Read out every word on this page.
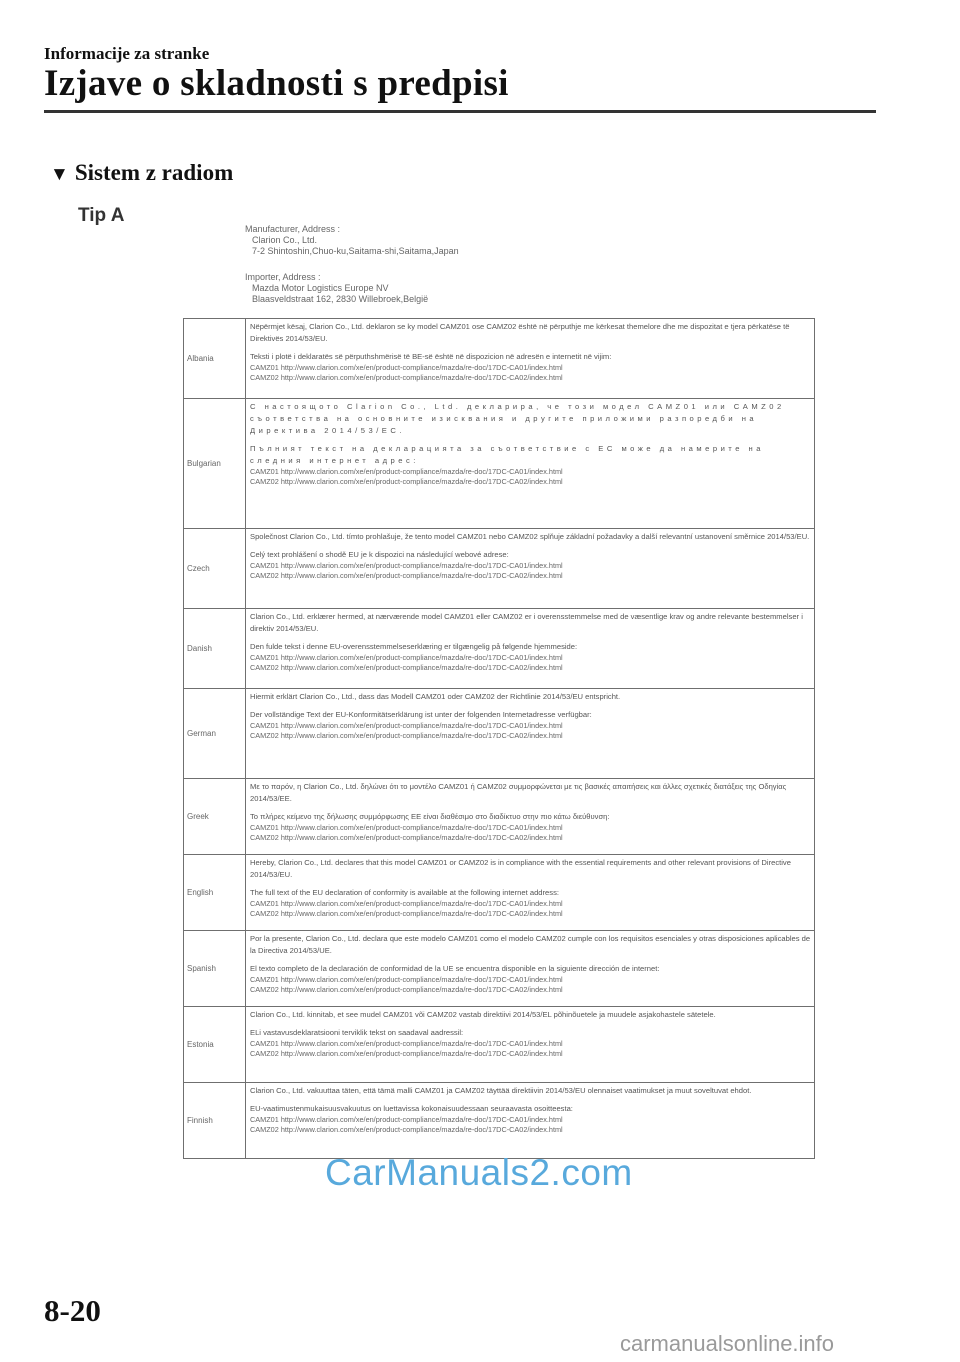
Informacije za stranke
Izjave o skladnosti s predpisi
▼ Sistem z radiom
Tip A
Manufacturer, Address :
Clarion Co., Ltd.
7-2 Shintoshin,Chuo-ku,Saitama-shi,Saitama,Japan
Importer, Address :
Mazda Motor Logistics Europe NV
Blaasveldstraat 162, 2830 Willebroek,België
Albania	Nëpërmjet kësaj, Clarion Co., Ltd. deklaron se ky model CAMZ01 ose CAMZ02 është në përputhje me kërkesat themelore dhe me dispozitat e tjera përkatëse të Direktivës 2014/53/EU.

Teksti i plotë i deklaratës së përputhshmërisë të BE-së është në dispozicion në adresën e internetit në vijim:

CAMZ01 http://www.clarion.com/xe/en/product-compliance/mazda/re-doc/17DC-CA01/index.html

CAMZ02 http://www.clarion.com/xe/en/product-compliance/mazda/re-doc/17DC-CA02/index.html

Bulgarian	С настоящото Clarion Co., Ltd. декларира, че този модел CAMZ01 или CAMZ02 съответства на основните изисквания и другите приложими разпоредби на Директива 2014/53/ЕС.

Пълният текст на декларацията за съответствие с ЕС може да намерите на следния интернет адрес:

CAMZ01 http://www.clarion.com/xe/en/product-compliance/mazda/re-doc/17DC-CA01/index.html

CAMZ02 http://www.clarion.com/xe/en/product-compliance/mazda/re-doc/17DC-CA02/index.html

Czech	Společnost Clarion Co., Ltd. tímto prohlašuje, že tento model CAMZ01 nebo CAMZ02 splňuje základní požadavky a další relevantní ustanovení směrnice 2014/53/EU.

Celý text prohlášení o shodě EU je k dispozici na následující webové adrese:

CAMZ01 http://www.clarion.com/xe/en/product-compliance/mazda/re-doc/17DC-CA01/index.html

CAMZ02 http://www.clarion.com/xe/en/product-compliance/mazda/re-doc/17DC-CA02/index.html

Danish	Clarion Co., Ltd. erklærer hermed, at nærværende model CAMZ01 eller CAMZ02 er i overensstemmelse med de væsentlige krav og andre relevante bestemmelser i direktiv 2014/53/EU.

Den fulde tekst i denne EU-overensstemmelseserklæring er tilgængelig på følgende hjemmeside:

CAMZ01 http://www.clarion.com/xe/en/product-compliance/mazda/re-doc/17DC-CA01/index.html

CAMZ02 http://www.clarion.com/xe/en/product-compliance/mazda/re-doc/17DC-CA02/index.html

German	Hiermit erklärt Clarion Co., Ltd., dass das Modell CAMZ01 oder CAMZ02 der Richtlinie 2014/53/EU entspricht.

Der vollständige Text der EU-Konformitätserklärung ist unter der folgenden Internetadresse verfügbar:

CAMZ01 http://www.clarion.com/xe/en/product-compliance/mazda/re-doc/17DC-CA01/index.html

CAMZ02 http://www.clarion.com/xe/en/product-compliance/mazda/re-doc/17DC-CA02/index.html

Greek	Με το παρόν, η Clarion Co., Ltd. δηλώνει ότι το μοντέλο CAMZ01 ή CAMZ02 συμμορφώνεται με τις βασικές απαιτήσεις και άλλες σχετικές διατάξεις της Οδηγίας 2014/53/ΕΕ.

Το πλήρες κείμενο της δήλωσης συμμόρφωσης ΕΕ είναι διαθέσιμο στο διαδίκτυο στην πιο κάτω διεύθυνση:

CAMZ01 http://www.clarion.com/xe/en/product-compliance/mazda/re-doc/17DC-CA01/index.html

CAMZ02 http://www.clarion.com/xe/en/product-compliance/mazda/re-doc/17DC-CA02/index.html

English	Hereby, Clarion Co., Ltd. declares that this model CAMZ01 or CAMZ02 is in compliance with the essential requirements and other relevant provisions of Directive 2014/53/EU.

The full text of the EU declaration of conformity is available at the following internet address:

CAMZ01 http://www.clarion.com/xe/en/product-compliance/mazda/re-doc/17DC-CA01/index.html

CAMZ02 http://www.clarion.com/xe/en/product-compliance/mazda/re-doc/17DC-CA02/index.html

Spanish	Por la presente, Clarion Co., Ltd. declara que este modelo CAMZ01 como el modelo CAMZ02 cumple con los requisitos esenciales y otras disposiciones aplicables de la Directiva 2014/53/UE.

El texto completo de la declaración de conformidad de la UE se encuentra disponible en la siguiente dirección de internet:

CAMZ01 http://www.clarion.com/xe/en/product-compliance/mazda/re-doc/17DC-CA01/index.html

CAMZ02 http://www.clarion.com/xe/en/product-compliance/mazda/re-doc/17DC-CA02/index.html

Estonia	Clarion Co., Ltd. kinnitab, et see mudel CAMZ01 või CAMZ02 vastab direktiivi 2014/53/EL põhinõuetele ja muudele asjakohastele sätetele.

ELi vastavusdeklaratsiooni terviklik tekst on saadaval aadressil:

CAMZ01 http://www.clarion.com/xe/en/product-compliance/mazda/re-doc/17DC-CA01/index.html

CAMZ02 http://www.clarion.com/xe/en/product-compliance/mazda/re-doc/17DC-CA02/index.html

Finnish	Clarion Co., Ltd. vakuuttaa täten, että tämä malli CAMZ01 ja CAMZ02 täyttää direktiivin 2014/53/EU olennaiset vaatimukset ja muut soveltuvat ehdot.

EU-vaatimustenmukaisuusvakuutus on luettavissa kokonaisuudessaan seuraavasta osoitteesta:

CAMZ01 http://www.clarion.com/xe/en/product-compliance/mazda/re-doc/17DC-CA01/index.html

CAMZ02 http://www.clarion.com/xe/en/product-compliance/mazda/re-doc/17DC-CA02/index.html

CarManuals2.com
8-20
carmanualsonline.info
